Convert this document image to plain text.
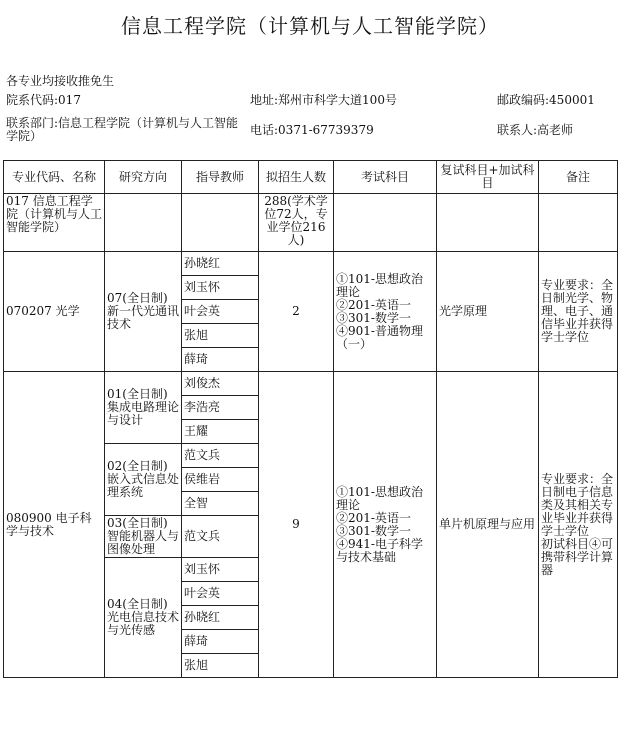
信息工程学院（计算机与人工智能学院）
各专业均接收推免生
院系代码:017	地址:郑州市科学大道100号	邮政编码:450001
联系部门:信息工程学院（计算机与人工智能学院）	电话:0371-67739379	联系人:高老师
专业代码、名称	研究方向	指导教师	拟招生人数	考试科目	复试科目+加试科目	备注
017 信息工程学院（计算机与人工智能学院）			288(学术学位72人，专业学位216人)			
070207 光学	07(全日制)新一代光通讯技术	孙晓红	2	①101-思想政治理论
②201-英语一
③301-数学一
④901-普通物理（一）	光学原理	专业要求：全日制光学、物理、电子、通信毕业并获得学士学位
		刘玉怀				
		叶会英				
		张旭				
		薛琦				
080900 电子科学与技术	01(全日制)集成电路理论与设计	刘俊杰	9	①101-思想政治理论
②201-英语一
③301-数学一
④941-电子科学与技术基础	单片机原理与应用	专业要求：全日制电子信息类及其相关专业毕业并获得学士学位
初试科目④可携带科学计算器
		李浩亮				
		王耀				
	02(全日制)嵌入式信息处理系统	范文兵				
		侯维岩				
		全智				
	03(全日制)智能机器人与图像处理	范文兵				
	04(全日制)光电信息技术与光传感	刘玉怀				
		叶会英				
		孙晓红				
		薛琦				
		张旭				
